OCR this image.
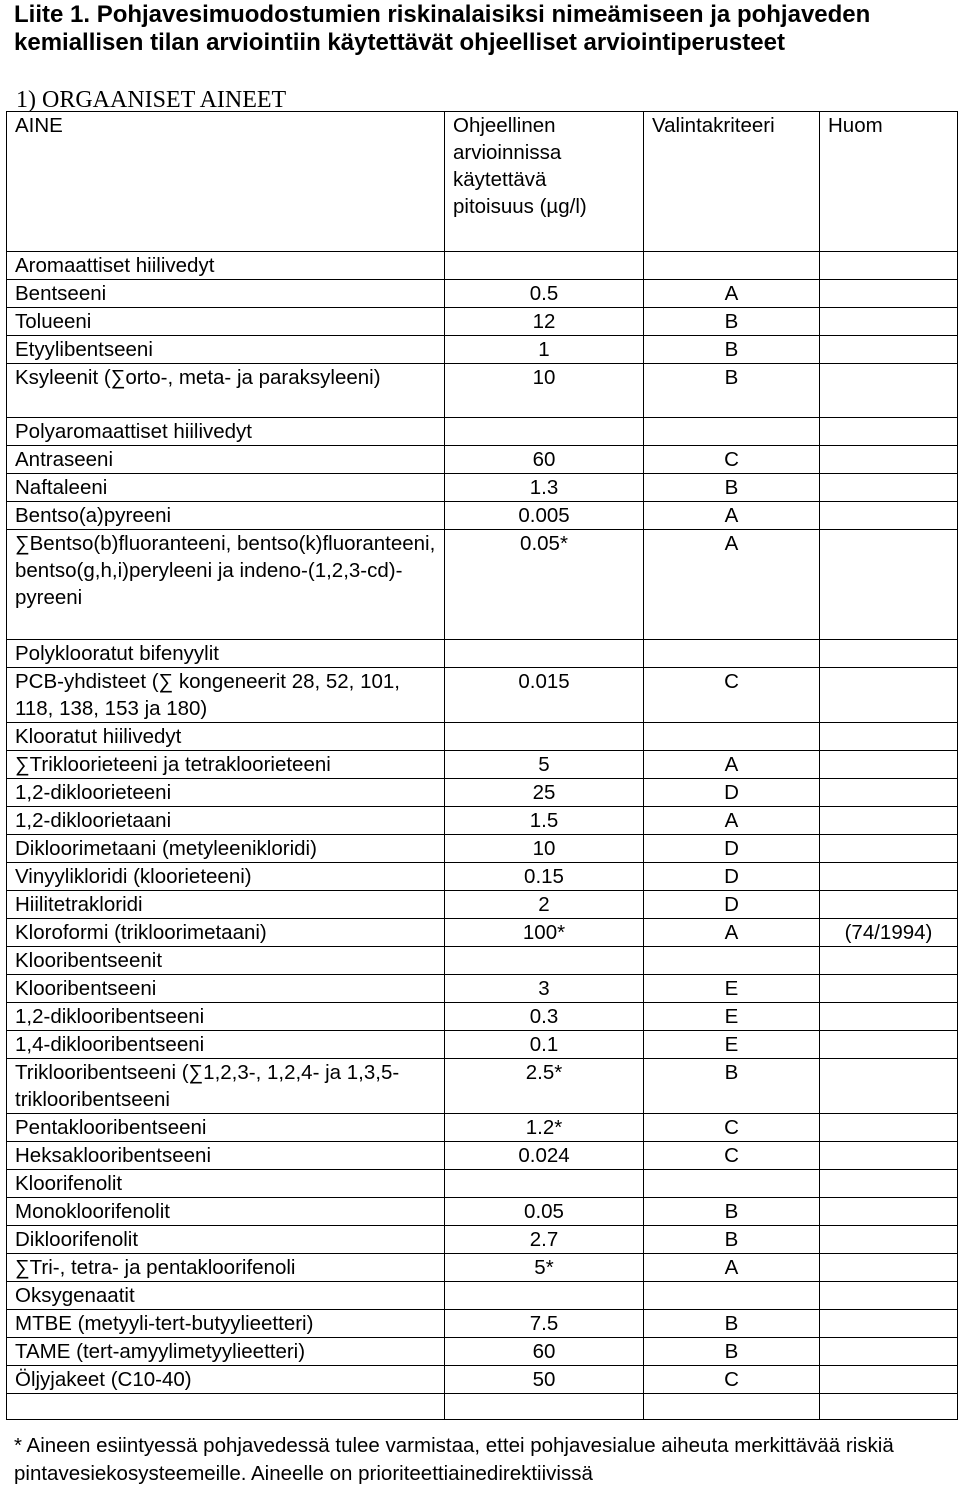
Liite 1. Pohjavesimuodostumien riskinalaisiksi nimeämiseen ja pohjaveden kemiallisen tilan arviointiin käytettävät ohjeelliset arviointiperusteet
1) ORGAANISET AINEET
AINE	Ohjeellinen arvioinnissa käytettävä pitoisuus (µg/l)	Valintakriteeri	Huom
Aromaattiset hiilivedyt			
Bentseeni	0.5	A	
Tolueeni	12	B	
Etyylibentseeni	1	B	
Ksyleenit (∑orto-, meta- ja paraksyleeni)	10	B	
Polyaromaattiset hiilivedyt			
Antraseeni	60	C	
Naftaleeni	1.3	B	
Bentso(a)pyreeni	0.005	A	
∑Bentso(b)fluoranteeni, bentso(k)fluoranteeni, bentso(g,h,i)peryleeni ja indeno-(1,2,3-cd)-pyreeni	0.05*	A	
Polyklooratut bifenyylit			
PCB-yhdisteet (∑ kongeneerit 28, 52, 101, 118, 138, 153 ja 180)	0.015	C	
Klooratut hiilivedyt			
∑Trikloorieteeni ja tetrakloorieteeni	5	A	
1,2-dikloorieteeni	25	D	
1,2-dikloorietaani	1.5	A	
Dikloorimetaani (metyleenikloridi)	10	D	
Vinyylikloridi (kloorieteeni)	0.15	D	
Hiilitetrakloridi	2	D	
Kloroformi (trikloorimetaani)	100*	A	(74/1994)
Klooribentseenit			
Klooribentseeni	3	E	
1,2-diklooribentseeni	0.3	E	
1,4-diklooribentseeni	0.1	E	
Triklooribentseeni (∑1,2,3-, 1,2,4- ja 1,3,5-triklooribentseeni	2.5*	B	
Pentaklooribentseeni	1.2*	C	
Heksaklooribentseeni	0.024	C	
Kloorifenolit			
Monokloorifenolit	0.05	B	
Dikloorifenolit	2.7	B	
∑Tri-, tetra- ja pentakloorifenoli	5*	A	
Oksygenaatit			
MTBE (metyyli-tert-butyylieetteri)	7.5	B	
TAME (tert-amyylimetyylieetteri)	60	B	
Öljyjakeet (C10-40)	50	C	

* Aineen esiintyessä pohjavedessä tulee varmistaa, ettei pohjavesialue aiheuta merkittävää riskiä pintavesiekosysteemeille. Aineelle on prioriteettiainedirektiivissä
